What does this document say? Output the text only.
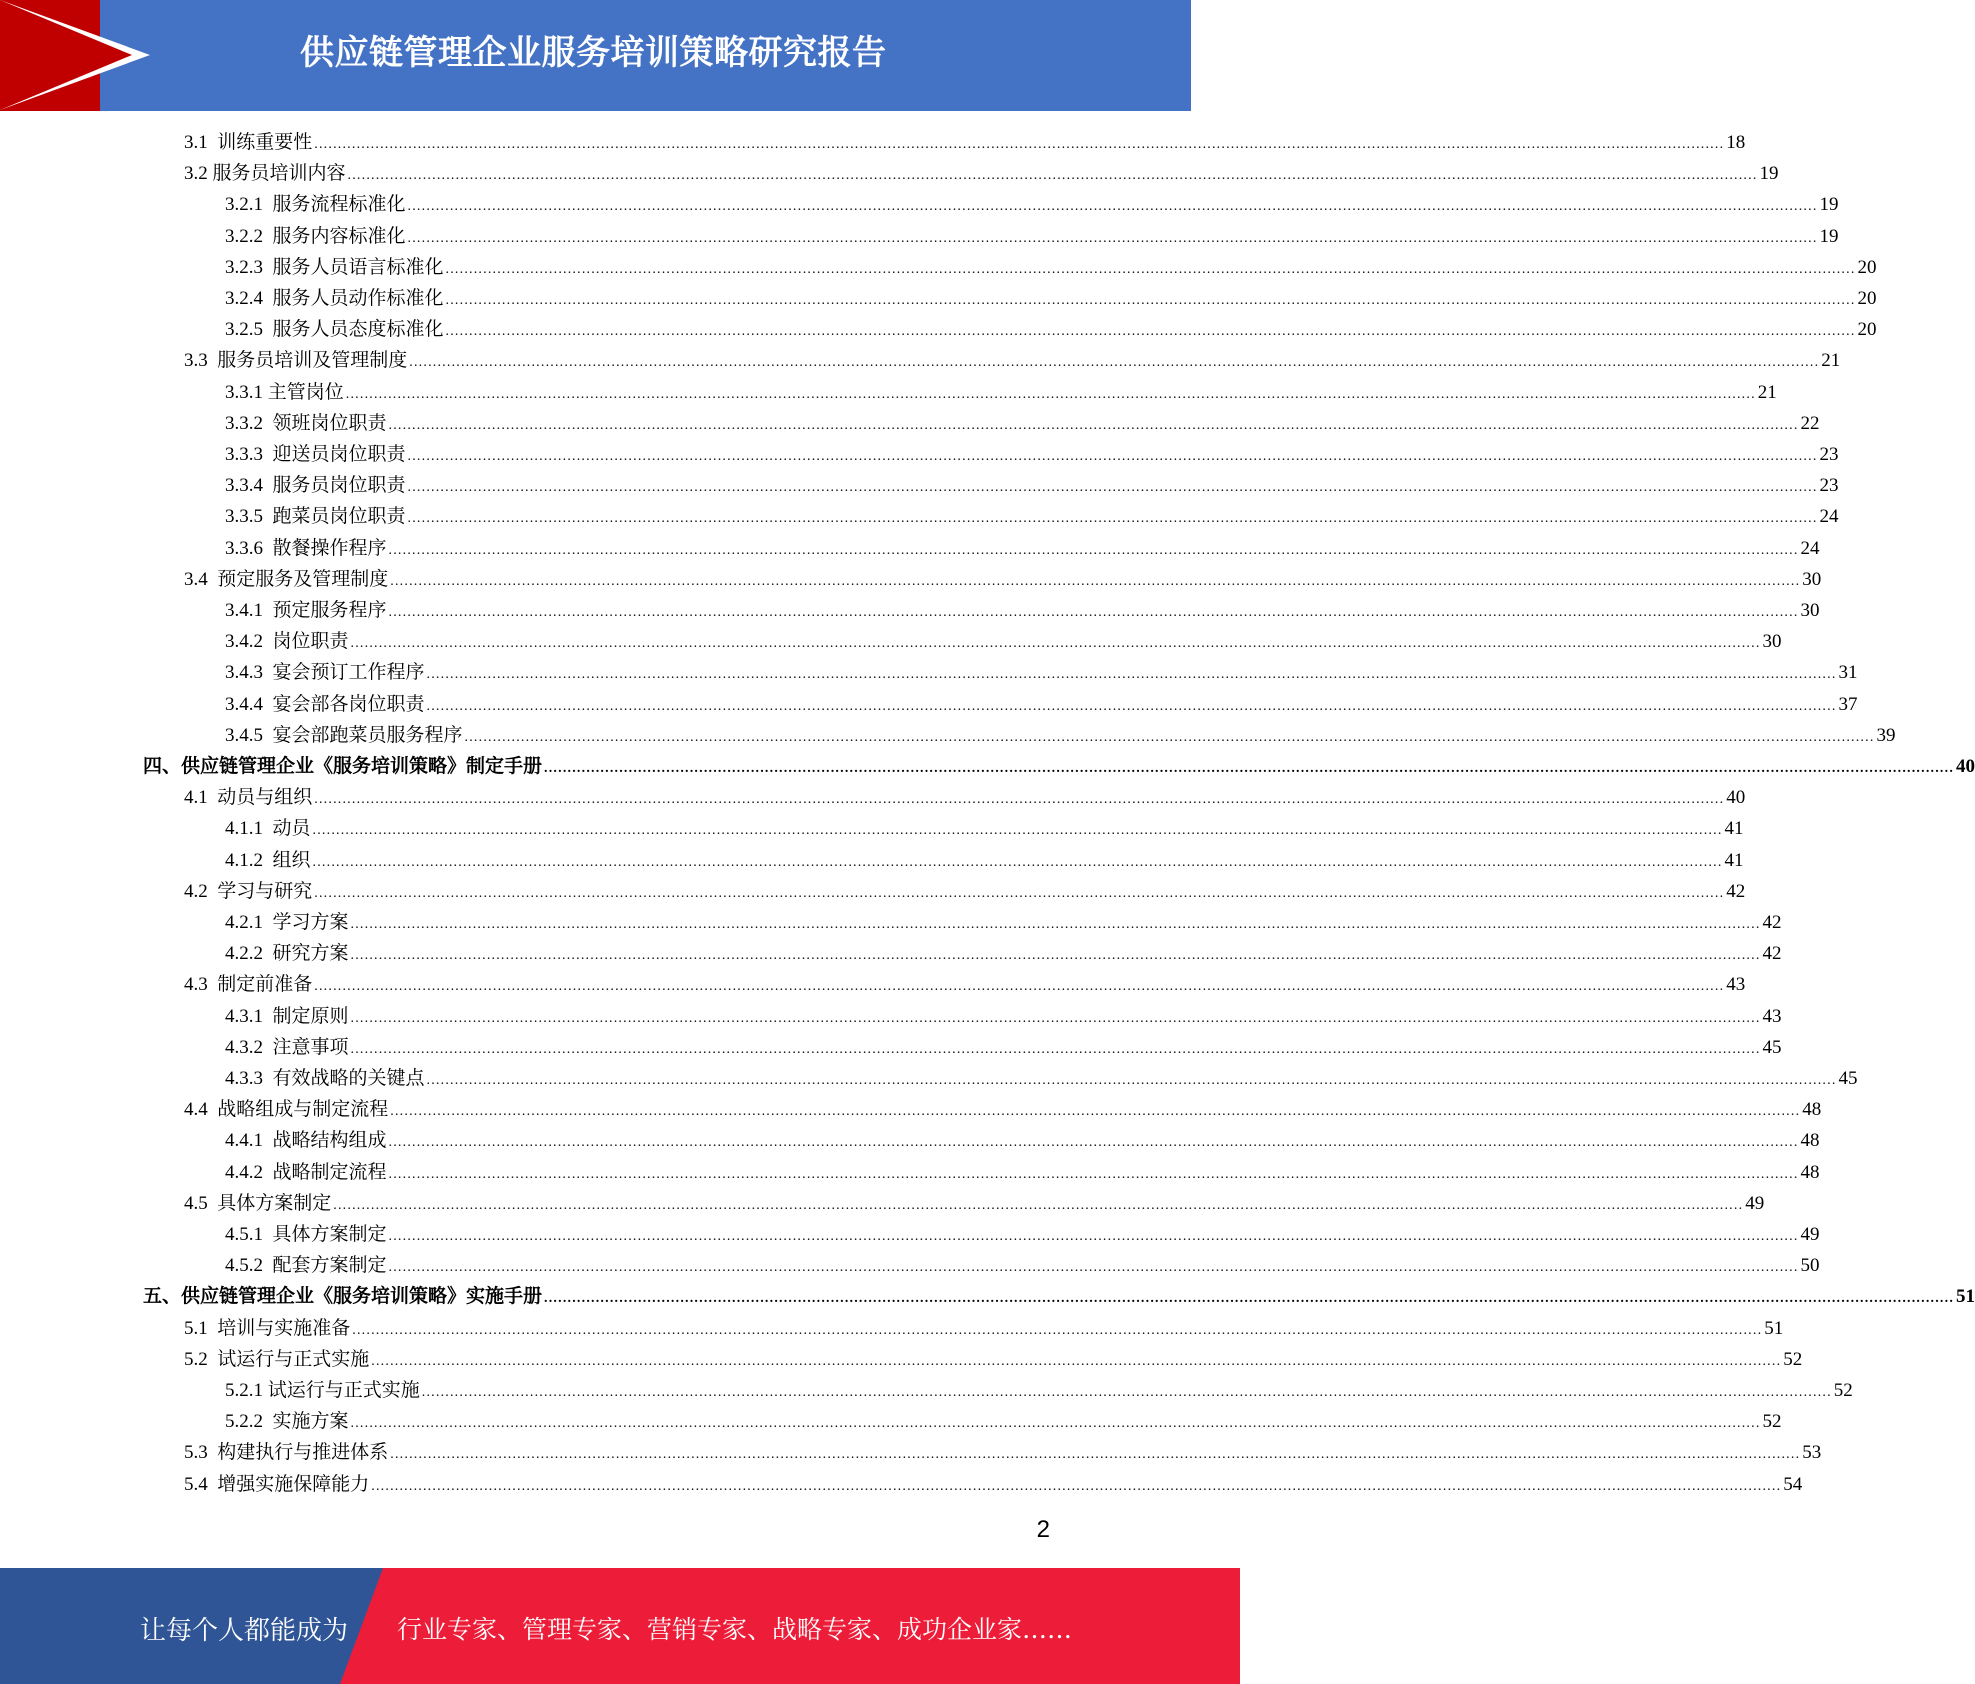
供应链管理企业服务培训策略研究报告
3.1  训练重要性 ............................................................................................................................................................................................................................................................................................................ 18
3.2 服务员培训内容 ............................................................................................................................................................................................................................................................................................................ 19
3.2.1  服务流程标准化 ............................................................................................................................................................................................................................................................................................................ 19
3.2.2  服务内容标准化 ............................................................................................................................................................................................................................................................................................................ 19
3.2.3  服务人员语言标准化 ............................................................................................................................................................................................................................................................................................................ 20
3.2.4  服务人员动作标准化 ............................................................................................................................................................................................................................................................................................................ 20
3.2.5  服务人员态度标准化 ............................................................................................................................................................................................................................................................................................................ 20
3.3  服务员培训及管理制度 ............................................................................................................................................................................................................................................................................................................ 21
3.3.1 主管岗位 ............................................................................................................................................................................................................................................................................................................ 21
3.3.2  领班岗位职责 ............................................................................................................................................................................................................................................................................................................ 22
3.3.3  迎送员岗位职责 ............................................................................................................................................................................................................................................................................................................ 23
3.3.4  服务员岗位职责 ............................................................................................................................................................................................................................................................................................................ 23
3.3.5  跑菜员岗位职责 ............................................................................................................................................................................................................................................................................................................ 24
3.3.6  散餐操作程序 ............................................................................................................................................................................................................................................................................................................ 24
3.4  预定服务及管理制度 ............................................................................................................................................................................................................................................................................................................ 30
3.4.1  预定服务程序 ............................................................................................................................................................................................................................................................................................................ 30
3.4.2  岗位职责 ............................................................................................................................................................................................................................................................................................................ 30
3.4.3  宴会预订工作程序 ............................................................................................................................................................................................................................................................................................................ 31
3.4.4  宴会部各岗位职责 ............................................................................................................................................................................................................................................................................................................ 37
3.4.5  宴会部跑菜员服务程序 ............................................................................................................................................................................................................................................................................................................ 39
四、供应链管理企业《服务培训策略》制定手册 ............................................................................................................................................................................................................................................................................................................ 40
4.1  动员与组织 ............................................................................................................................................................................................................................................................................................................ 40
4.1.1  动员 ............................................................................................................................................................................................................................................................................................................ 41
4.1.2  组织 ............................................................................................................................................................................................................................................................................................................ 41
4.2  学习与研究 ............................................................................................................................................................................................................................................................................................................ 42
4.2.1  学习方案 ............................................................................................................................................................................................................................................................................................................ 42
4.2.2  研究方案 ............................................................................................................................................................................................................................................................................................................ 42
4.3  制定前准备 ............................................................................................................................................................................................................................................................................................................ 43
4.3.1  制定原则 ............................................................................................................................................................................................................................................................................................................ 43
4.3.2  注意事项 ............................................................................................................................................................................................................................................................................................................ 45
4.3.3  有效战略的关键点 ............................................................................................................................................................................................................................................................................................................ 45
4.4  战略组成与制定流程 ............................................................................................................................................................................................................................................................................................................ 48
4.4.1  战略结构组成 ............................................................................................................................................................................................................................................................................................................ 48
4.4.2  战略制定流程 ............................................................................................................................................................................................................................................................................................................ 48
4.5  具体方案制定 ............................................................................................................................................................................................................................................................................................................ 49
4.5.1  具体方案制定 ............................................................................................................................................................................................................................................................................................................ 49
4.5.2  配套方案制定 ............................................................................................................................................................................................................................................................................................................ 50
五、供应链管理企业《服务培训策略》实施手册 ............................................................................................................................................................................................................................................................................................................ 51
5.1  培训与实施准备 ............................................................................................................................................................................................................................................................................................................ 51
5.2  试运行与正式实施 ............................................................................................................................................................................................................................................................................................................ 52
5.2.1 试运行与正式实施 ............................................................................................................................................................................................................................................................................................................ 52
5.2.2  实施方案 ............................................................................................................................................................................................................................................................................................................ 52
5.3  构建执行与推进体系 ............................................................................................................................................................................................................................................................................................................ 53
5.4  增强实施保障能力 ............................................................................................................................................................................................................................................................................................................ 54
2
让每个人都能成为 行业专家、管理专家、营销专家、战略专家、成功企业家……
